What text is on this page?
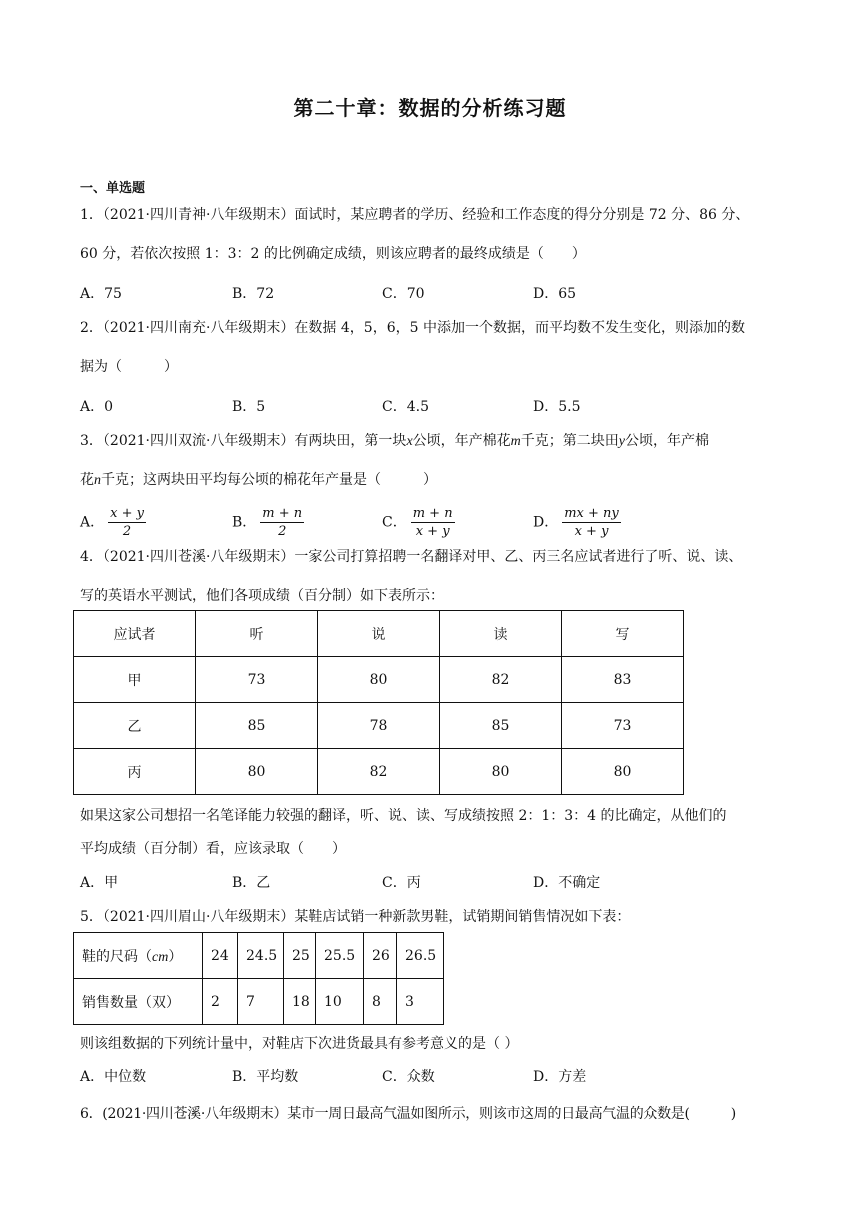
第二十章：数据的分析练习题
一、单选题
1．（2021·四川青神·八年级期末）面试时，某应聘者的学历、经验和工作态度的得分分别是 72 分、86 分、
60 分，若依次按照 1：3：2 的比例确定成绩，则该应聘者的最终成绩是（　　）
A．75	B．72	C．70	D．65
2．（2021·四川南充·八年级期末）在数据 4，5，6，5 中添加一个数据，而平均数不发生变化，则添加的数
据为（　　　）
A．0	B．5	C．4.5	D．5.5
3．（2021·四川双流·八年级期末）有两块田，第一块x公顷，年产棉花m千克；第二块田y公顷，年产棉
花n千克；这两块田平均每公顷的棉花年产量是（　　　）
A． $\frac{x + y}{2}$	B． $\frac{m + n}{2}$	C． $\frac{m + n}{x + y}$	D． $\frac{mx + ny}{x + y}$
4．（2021·四川苍溪·八年级期末）一家公司打算招聘一名翻译对甲、乙、丙三名应试者进行了听、说、读、
写的英语水平测试，他们各项成绩（百分制）如下表所示：
应试者	听	说	读	写
甲	73	80	82	83
乙	85	78	85	73
丙	80	82	80	80
如果这家公司想招一名笔译能力较强的翻译，听、说、读、写成绩按照 2：1：3：4 的比确定，从他们的
平均成绩（百分制）看，应该录取（　　）
A．甲	B．乙	C．丙	D．不确定
5．（2021·四川眉山·八年级期末）某鞋店试销一种新款男鞋，试销期间销售情况如下表：
鞋的尺码（cm）	24	24.5	25	25.5	26	26.5
销售数量（双）	2	7	18	10	8	3
则该组数据的下列统计量中，对鞋店下次进货最具有参考意义的是（ ）
A．中位数	B．平均数	C．众数	D．方差
6．(2021·四川苍溪·八年级期末）某市一周日最高气温如图所示，则该市这周的日最高气温的众数是(　　　)
